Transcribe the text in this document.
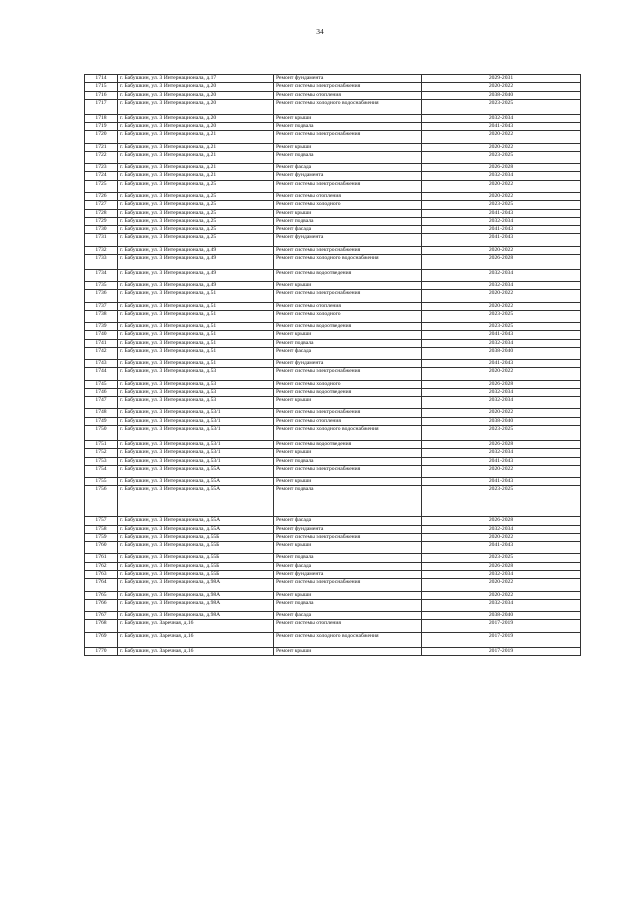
34
1714	г. Бабушкин, ул. 3 Интернационала, д.17	Ремонт фундамента	2029-2031
1715	г. Бабушкин, ул. 3 Интернационала, д.20	Ремонт системы электроснабжения	2020-2022
1716	г. Бабушкин, ул. 3 Интернационала, д.20	Ремонт системы отопления	2038-2040
1717	г. Бабушкин, ул. 3 Интернационала, д.20	Ремонт системы холодного водоснабжения	2023-2025
1718	г. Бабушкин, ул. 3 Интернационала, д.20	Ремонт крыши	2032-2034
1719	г. Бабушкин, ул. 3 Интернационала, д.20	Ремонт подвала	2041-2043
1720	г. Бабушкин, ул. 3 Интернационала, д.21	Ремонт системы электроснабжения	2020-2022
1721	г. Бабушкин, ул. 3 Интернационала, д.21	Ремонт крыши	2020-2022
1722	г. Бабушкин, ул. 3 Интернационала, д.21	Ремонт подвала	2023-2025
1723	г. Бабушкин, ул. 3 Интернационала, д.21	Ремонт фасада	2026-2028
1724	г. Бабушкин, ул. 3 Интернационала, д.21	Ремонт фундамента	2032-2034
1725	г. Бабушкин, ул. 3 Интернационала, д.25	Ремонт системы электроснабжения	2020-2022
1726	г. Бабушкин, ул. 3 Интернационала, д.25	Ремонт системы отопления	2020-2022
1727	г. Бабушкин, ул. 3 Интернационала, д.25	Ремонт системы холодного	2023-2025
1728	г. Бабушкин, ул. 3 Интернационала, д.25	Ремонт крыши	2041-2043
1729	г. Бабушкин, ул. 3 Интернационала, д.25	Ремонт подвала	2032-2034
1730	г. Бабушкин, ул. 3 Интернационала, д.25	Ремонт фасада	2041-2043
1731	г. Бабушкин, ул. 3 Интернационала, д.25	Ремонт фундамента	2041-2043
1732	г. Бабушкин, ул. 3 Интернационала, д.49	Ремонт системы электроснабжения	2020-2022
1733	г. Бабушкин, ул. 3 Интернационала, д.49	Ремонт системы холодного водоснабжения	2026-2028
1734	г. Бабушкин, ул. 3 Интернационала, д.49	Ремонт системы водоотведения	2032-2034
1735	г. Бабушкин, ул. 3 Интернационала, д.49	Ремонт крыши	2032-2034
1736	г. Бабушкин, ул. 3 Интернационала, д.51	Ремонт системы электроснабжения	2020-2022
1737	г. Бабушкин, ул. 3 Интернационала, д.51	Ремонт системы отопления	2020-2022
1738	г. Бабушкин, ул. 3 Интернационала, д.51	Ремонт системы холодного	2023-2025
1739	г. Бабушкин, ул. 3 Интернационала, д.51	Ремонт системы водоотведения	2023-2025
1740	г. Бабушкин, ул. 3 Интернационала, д.51	Ремонт крыши	2041-2043
1741	г. Бабушкин, ул. 3 Интернационала, д.51	Ремонт подвала	2032-2034
1742	г. Бабушкин, ул. 3 Интернационала, д.51	Ремонт фасада	2038-2040
1743	г. Бабушкин, ул. 3 Интернационала, д.51	Ремонт фундамента	2041-2043
1744	г. Бабушкин, ул. 3 Интернационала, д.53	Ремонт системы электроснабжения	2020-2022
1745	г. Бабушкин, ул. 3 Интернационала, д.53	Ремонт системы холодного	2026-2028
1746	г. Бабушкин, ул. 3 Интернационала, д.53	Ремонт системы водоотведения	2032-2034
1747	г. Бабушкин, ул. 3 Интернационала, д.53	Ремонт крыши	2032-2034
1748	г. Бабушкин, ул. 3 Интернационала, д.53/1	Ремонт системы электроснабжения	2020-2022
1749	г. Бабушкин, ул. 3 Интернационала, д.53/1	Ремонт системы отопления	2038-2040
1750	г. Бабушкин, ул. 3 Интернационала, д.53/1	Ремонт системы холодного водоснабжения	2023-2025
1751	г. Бабушкин, ул. 3 Интернационала, д.53/1	Ремонт системы водоотведения	2026-2028
1752	г. Бабушкин, ул. 3 Интернационала, д.53/1	Ремонт крыши	2032-2034
1753	г. Бабушкин, ул. 3 Интернационала, д.53/1	Ремонт подвала	2041-2043
1754	г. Бабушкин, ул. 3 Интернационала, д.55А	Ремонт системы электроснабжения	2020-2022
1755	г. Бабушкин, ул. 3 Интернационала, д.55А	Ремонт крыши	2041-2043
1756	г. Бабушкин, ул. 3 Интернационала, д.55А	Ремонт подвала	2023-2025
1757	г. Бабушкин, ул. 3 Интернационала, д.55А	Ремонт фасада	2026-2028
1758	г. Бабушкин, ул. 3 Интернационала, д.55А	Ремонт фундамента	2032-2034
1759	г. Бабушкин, ул. 3 Интернационала, д.55Б	Ремонт системы электроснабжения	2020-2022
1760	г. Бабушкин, ул. 3 Интернационала, д.55Б	Ремонт крыши	2041-2043
1761	г. Бабушкин, ул. 3 Интернационала, д.55Б	Ремонт подвала	2023-2025
1762	г. Бабушкин, ул. 3 Интернационала, д.55Б	Ремонт фасада	2026-2028
1763	г. Бабушкин, ул. 3 Интернационала, д.55Б	Ремонт фундамента	2032-2034
1764	г. Бабушкин, ул. 3 Интернационала, д.98А	Ремонт системы электроснабжения	2020-2022
1765	г. Бабушкин, ул. 3 Интернационала, д.98А	Ремонт крыши	2020-2022
1766	г. Бабушкин, ул. 3 Интернационала, д.98А	Ремонт подвала	2032-2034
1767	г. Бабушкин, ул. 3 Интернационала, д.98А	Ремонт фасада	2038-2040
1768	г. Бабушкин, ул. Заречная, д.16	Ремонт системы отопления	2017-2019
1769	г. Бабушкин, ул. Заречная, д.16	Ремонт системы холодного водоснабжения	2017-2019
1770	г. Бабушкин, ул. Заречная, д.16	Ремонт крыши	2017-2019
